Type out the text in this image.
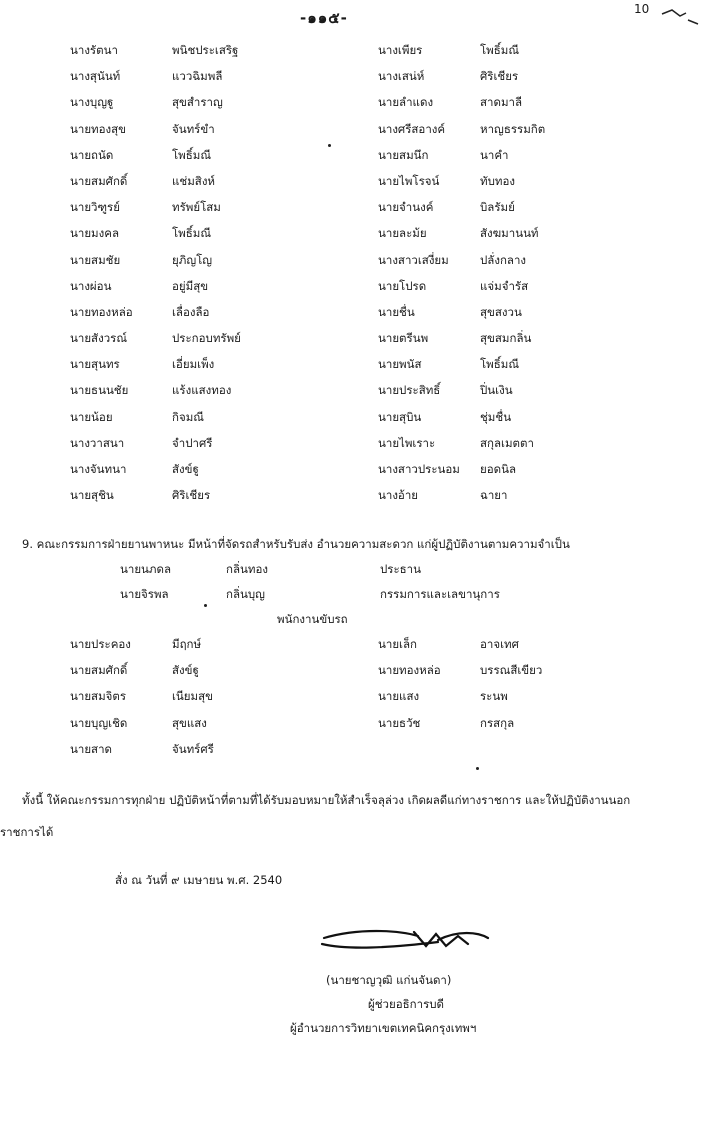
-๑๑๕-	10
นางรัตนา	พนิชประเสริฐ
นางสุนันท์	แววฉิมพลี
นางบุญฐู	สุขสำราญ
นายทองสุข	จันทร์ขำ
นายถนัด	โพธิ์มณี
นายสมศักดิ์	แช่มสิงห์
นายวิฑูรย์	ทรัพย์โสม
นายมงคล	โพธิ์มณี
นายสมชัย	ยุภิญโญ
นางผ่อน	อยู่มีสุข
นายทองหล่อ	เลื่องลือ
นายสังวรณ์	ประกอบทรัพย์
นายสุนทร	เอี่ยมเพ็ง
นายธนนชัย	แร้งแสงทอง
นายน้อย	กิจมณี
นางวาสนา	จำปาศรี
นางจันทนา	สังข์ฐู
นายสุชิน	ศิริเชียร
นางเพียร	โพธิ์มณี
นางเสน่ห์	ศิริเชียร
นายลำแดง	สาดมาลี
นางศรีสอางค์	หาญธรรมกิต
นายสมนึก	นาคำ
นายไพโรจน์	ทับทอง
นายจำนงค์	บิลรัมย์
นายละม้ย	สังฆมานนท์
นางสาวเสงี่ยม	ปลั่งกลาง
นายโปรด	แจ่มจำรัส
นายชื่น	สุขสงวน
นายตรีนพ	สุขสมกลิ่น
นายพนัส	โพธิ์มณี
นายประสิทธิ์	ปิ่นเงิน
นายสุบิน	ชุ่มชื่น
นายไพเราะ	สกุลเมตตา
นางสาวประนอม ยอดนิล
นางอ้าย	ฉายา
9. คณะกรรมการฝ่ายยานพาหนะ มีหน้าที่จัดรถสำหรับรับส่ง อำนวยความสะดวก แก่ผู้ปฏิบัติงานตามความจำเป็น
นายนภดล	กลิ่นทอง	ประธาน
นายจิรพล	กลิ่นบุญ	กรรมการและเลขานุการ
พนักงานขับรถ
นายประคอง	มีฤกษ์
นายสมศักดิ์	สังข์ฐู
นายสมจิตร	เนียมสุข
นายบุญเชิด	สุขแสง
นายสาด	จันทร์ศรี
นายเล็ก	อาจเทศ
นายทองหล่อ	บรรณสีเขียว
นายแสง	ระนพ
นายธวัช	กรสกุล
ทั้งนี้ ให้คณะกรรมการทุกฝ่าย ปฏิบัติหน้าที่ตามที่ได้รับมอบหมายให้สำเร็จลุล่วง เกิดผลดีแก่ทางราชการ และให้ปฏิบัติงานนอก
ราชการได้
สั่ง ณ วันที่ ๙ เมษายน พ.ศ. 2540
(นายชาญวุฒิ แก่นจันดา)
ผู้ช่วยอธิการบดี
ผู้อำนวยการวิทยาเขตเทคนิคกรุงเทพฯ
